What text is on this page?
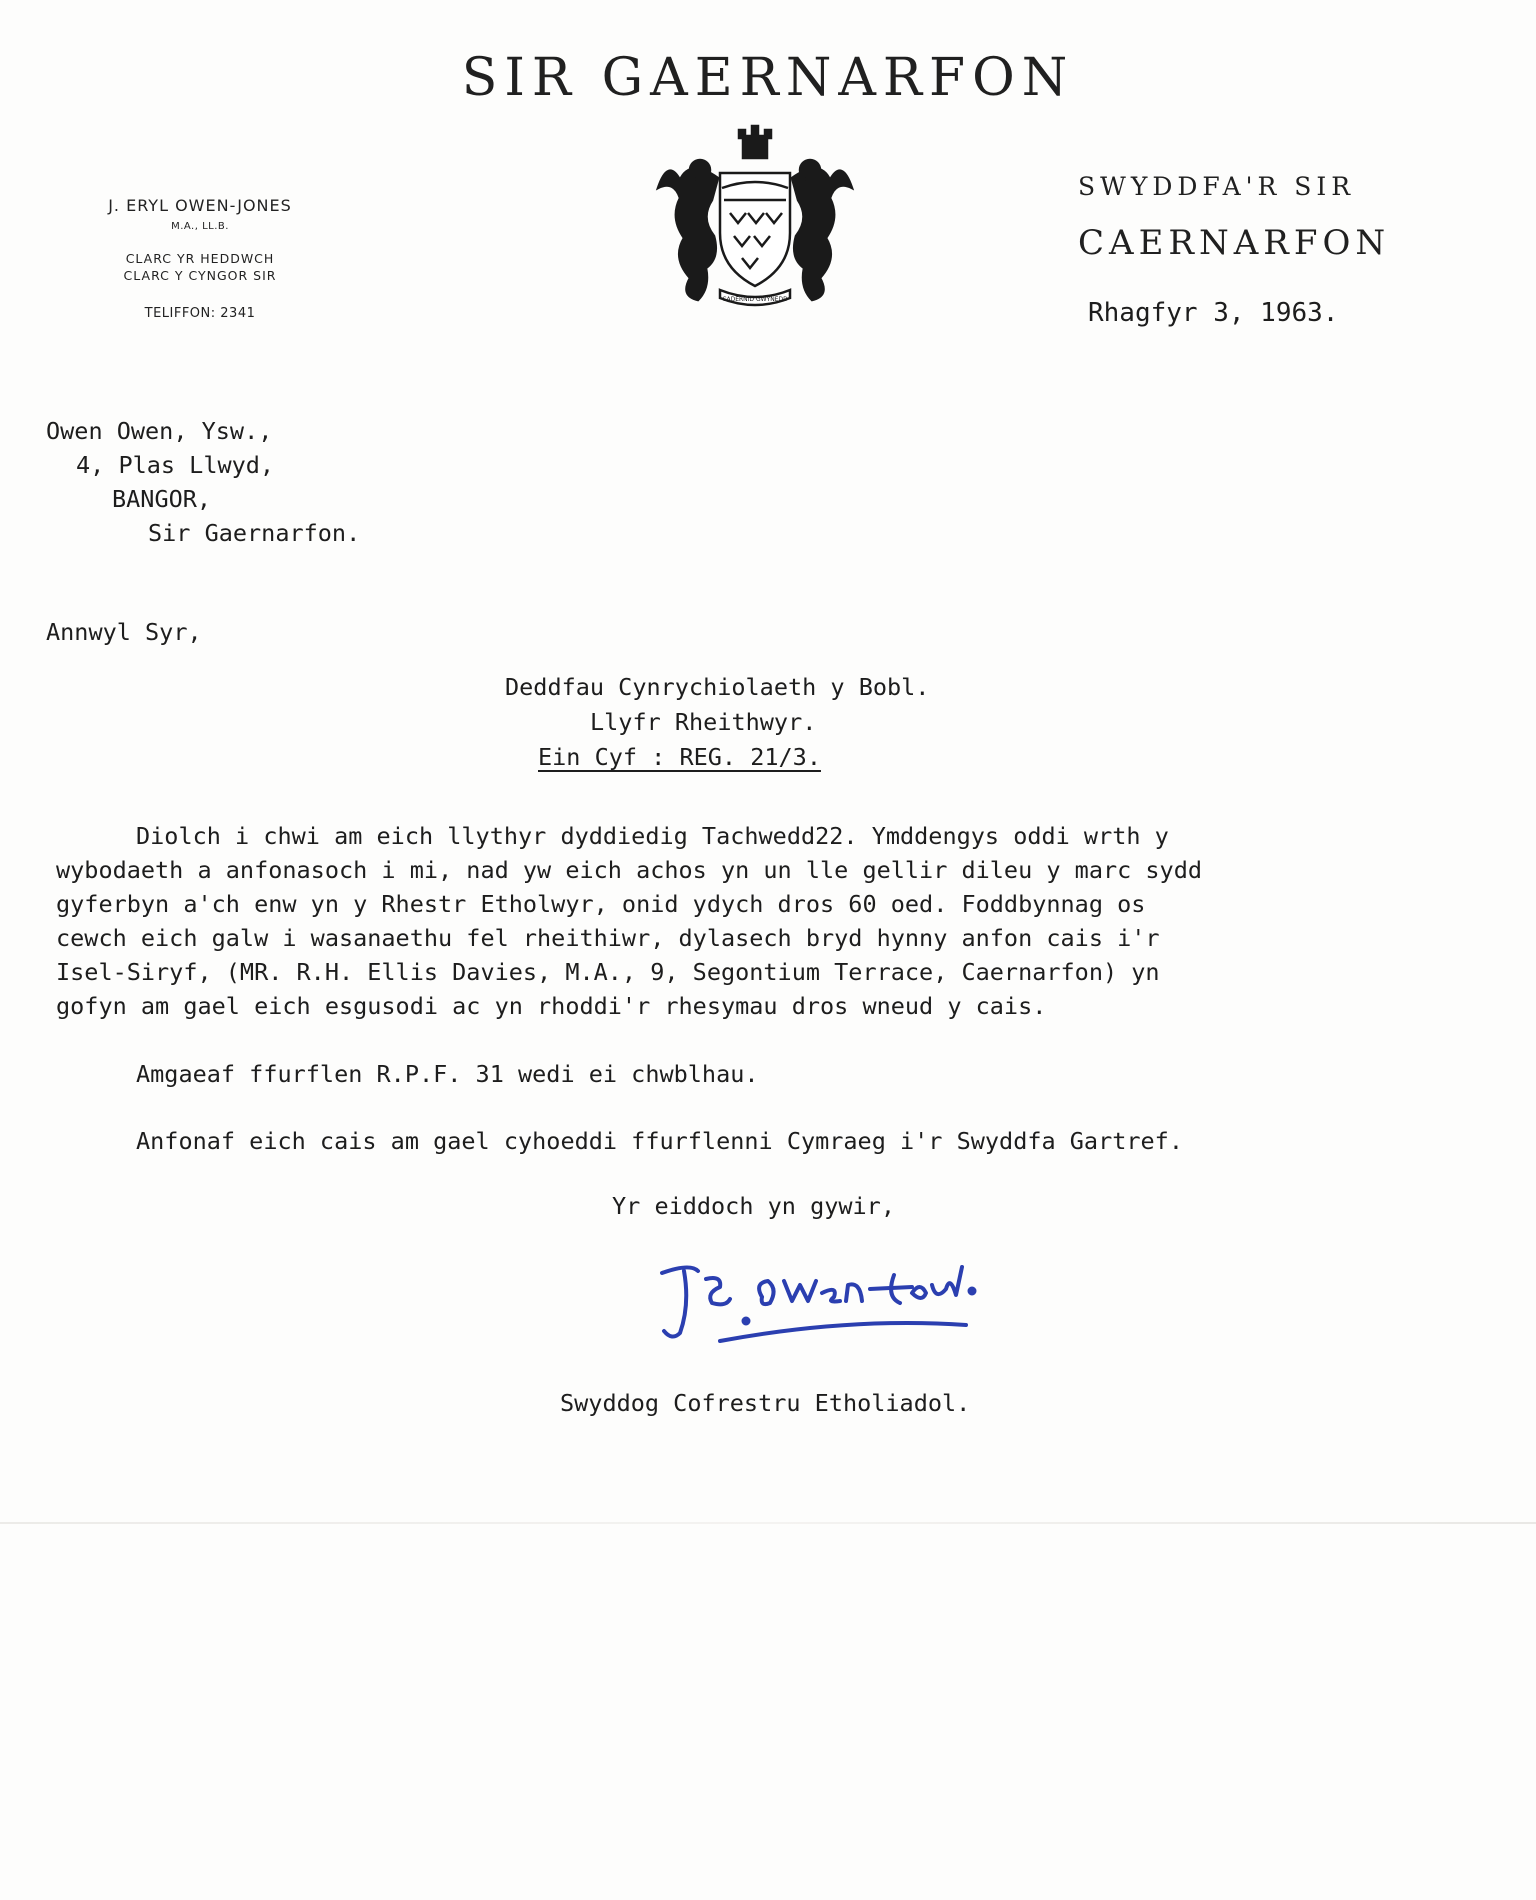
SIR GAERNARFON
CADERNID GWYNEDD
J. ERYL OWEN-JONES
M.A., LL.B.
CLARC YR HEDDWCH
CLARC Y CYNGOR SIR
TELIFFON: 2341
SWYDDFA'R SIR
CAERNARFON
Rhagfyr 3, 1963.
Owen Owen, Ysw.,
4, Plas Llwyd,
BANGOR,
Sir Gaernarfon.
Annwyl Syr,
Deddfau Cynrychiolaeth y Bobl.
Llyfr Rheithwyr.
Ein Cyf : REG. 21/3.
Diolch i chwi am eich llythyr dyddiedig Tachwedd22. Ymddengys oddi wrth y
wybodaeth a anfonasoch i mi, nad yw eich achos yn un lle gellir dileu y marc sydd
gyferbyn a'ch enw yn y Rhestr Etholwyr, onid ydych dros 60 oed. Foddbynnag os
cewch eich galw i wasanaethu fel rheithiwr, dylasech bryd hynny anfon cais i'r
Isel-Siryf, (MR. R.H. Ellis Davies, M.A., 9, Segontium Terrace, Caernarfon) yn
gofyn am gael eich esgusodi ac yn rhoddi'r rhesymau dros wneud y cais.
Amgaeaf ffurflen R.P.F. 31 wedi ei chwblhau.
Anfonaf eich cais am gael cyhoeddi ffurflenni Cymraeg i'r Swyddfa Gartref.
Yr eiddoch yn gywir,
Swyddog Cofrestru Etholiadol.
